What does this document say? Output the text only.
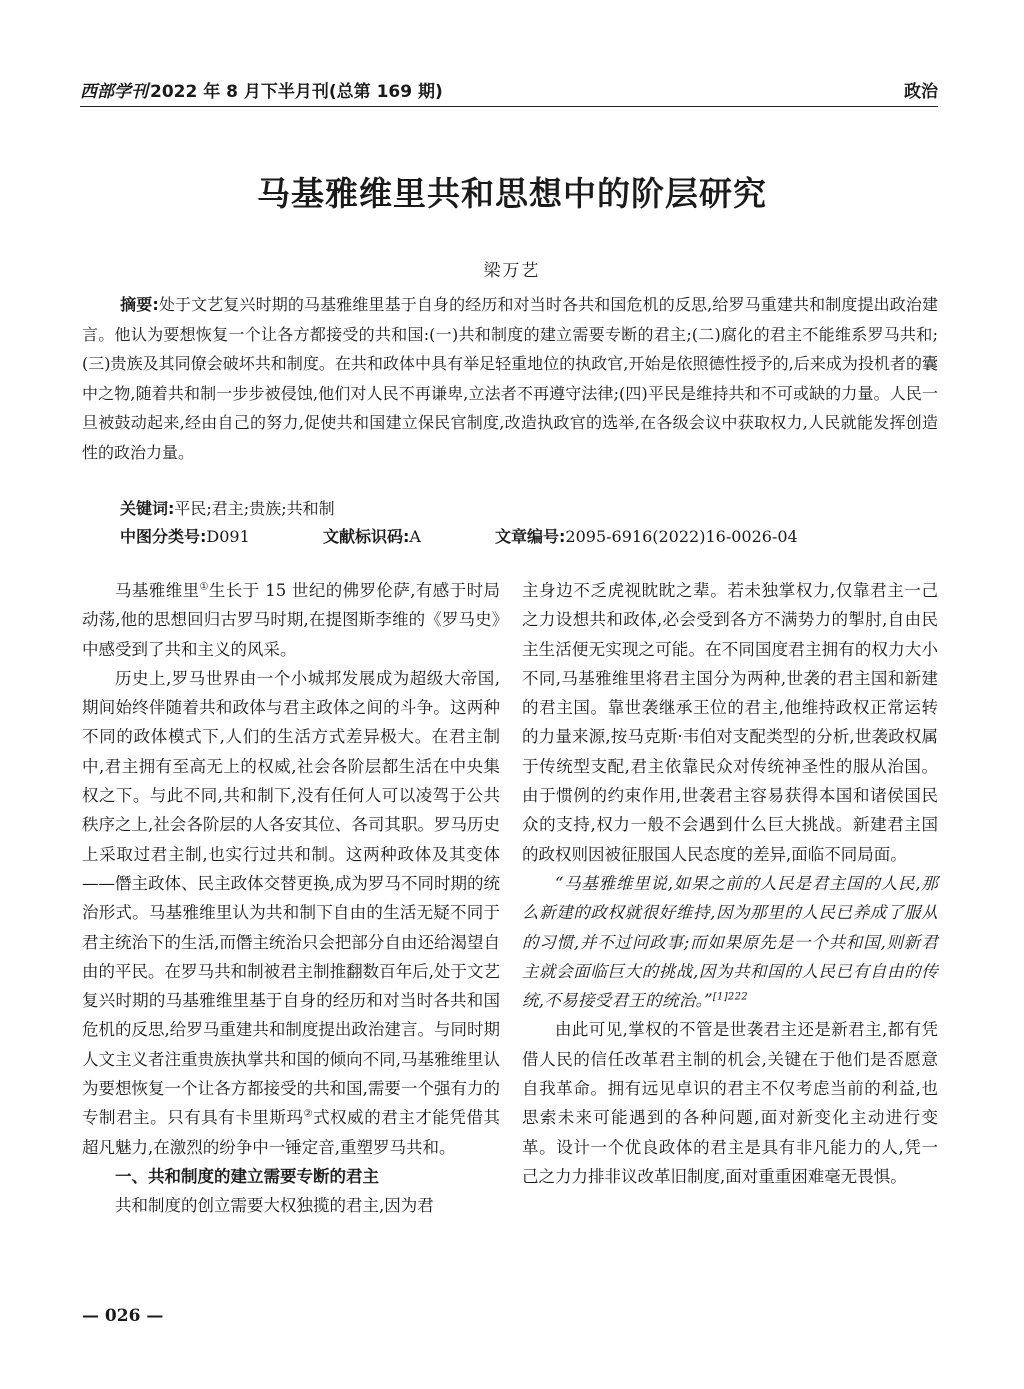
西部学刊 2022 年 8 月下半月刊(总第 169 期)	政治
马基雅维里共和思想中的阶层研究
梁万艺
摘要:处于文艺复兴时期的马基雅维里基于自身的经历和对当时各共和国危机的反思,给罗马重建共和制度提出政治建言。他认为要想恢复一个让各方都接受的共和国:(一)共和制度的建立需要专断的君主;(二)腐化的君主不能维系罗马共和;(三)贵族及其同僚会破坏共和制度。在共和政体中具有举足轻重地位的执政官,开始是依照德性授予的,后来成为投机者的囊中之物,随着共和制一步步被侵蚀,他们对人民不再谦卑,立法者不再遵守法律;(四)平民是维持共和不可或缺的力量。人民一旦被鼓动起来,经由自己的努力,促使共和国建立保民官制度,改造执政官的选举,在各级会议中获取权力,人民就能发挥创造性的政治力量。
关键词:平民;君主;贵族;共和制
中图分类号:D091	文献标识码:A	文章编号:2095-6916(2022)16-0026-04

马基雅维里①生长于 15 世纪的佛罗伦萨,有感于时局动荡,他的思想回归古罗马时期,在提图斯李维的《罗马史》中感受到了共和主义的风采。

历史上,罗马世界由一个小城邦发展成为超级大帝国,期间始终伴随着共和政体与君主政体之间的斗争。这两种不同的政体模式下,人们的生活方式差异极大。在君主制中,君主拥有至高无上的权威,社会各阶层都生活在中央集权之下。与此不同,共和制下,没有任何人可以凌驾于公共秩序之上,社会各阶层的人各安其位、各司其职。罗马历史上采取过君主制,也实行过共和制。这两种政体及其变体——僭主政体、民主政体交替更换,成为罗马不同时期的统治形式。马基雅维里认为共和制下自由的生活无疑不同于君主统治下的生活,而僭主统治只会把部分自由还给渴望自由的平民。在罗马共和制被君主制推翻数百年后,处于文艺复兴时期的马基雅维里基于自身的经历和对当时各共和国危机的反思,给罗马重建共和制度提出政治建言。与同时期人文主义者注重贵族执掌共和国的倾向不同,马基雅维里认为要想恢复一个让各方都接受的共和国,需要一个强有力的专制君主。只有具有卡里斯玛②式权威的君主才能凭借其超凡魅力,在激烈的纷争中一锤定音,重塑罗马共和。

一、共和制度的建立需要专断的君主

共和制度的创立需要大权独揽的君主,因为君

主身边不乏虎视眈眈之辈。若未独掌权力,仅靠君主一己之力设想共和政体,必会受到各方不满势力的掣肘,自由民主生活便无实现之可能。在不同国度君主拥有的权力大小不同,马基雅维里将君主国分为两种,世袭的君主国和新建的君主国。靠世袭继承王位的君主,他维持政权正常运转的力量来源,按马克斯·韦伯对支配类型的分析,世袭政权属于传统型支配,君主依靠民众对传统神圣性的服从治国。由于惯例的约束作用,世袭君主容易获得本国和诸侯国民众的支持,权力一般不会遇到什么巨大挑战。新建君主国的政权则因被征服国人民态度的差异,面临不同局面。

“马基雅维里说,如果之前的人民是君主国的人民,那么新建的政权就很好维持,因为那里的人民已养成了服从的习惯,并不过问政事;而如果原先是一个共和国,则新君主就会面临巨大的挑战,因为共和国的人民已有自由的传统,不易接受君王的统治。”$^{[1]222}$

由此可见,掌权的不管是世袭君主还是新君主,都有凭借人民的信任改革君主制的机会,关键在于他们是否愿意自我革命。拥有远见卓识的君主不仅考虑当前的利益,也思索未来可能遇到的各种问题,面对新变化主动进行变革。设计一个优良政体的君主是具有非凡能力的人,凭一己之力力排非议改革旧制度,面对重重困难毫无畏惧。

— 026 —
